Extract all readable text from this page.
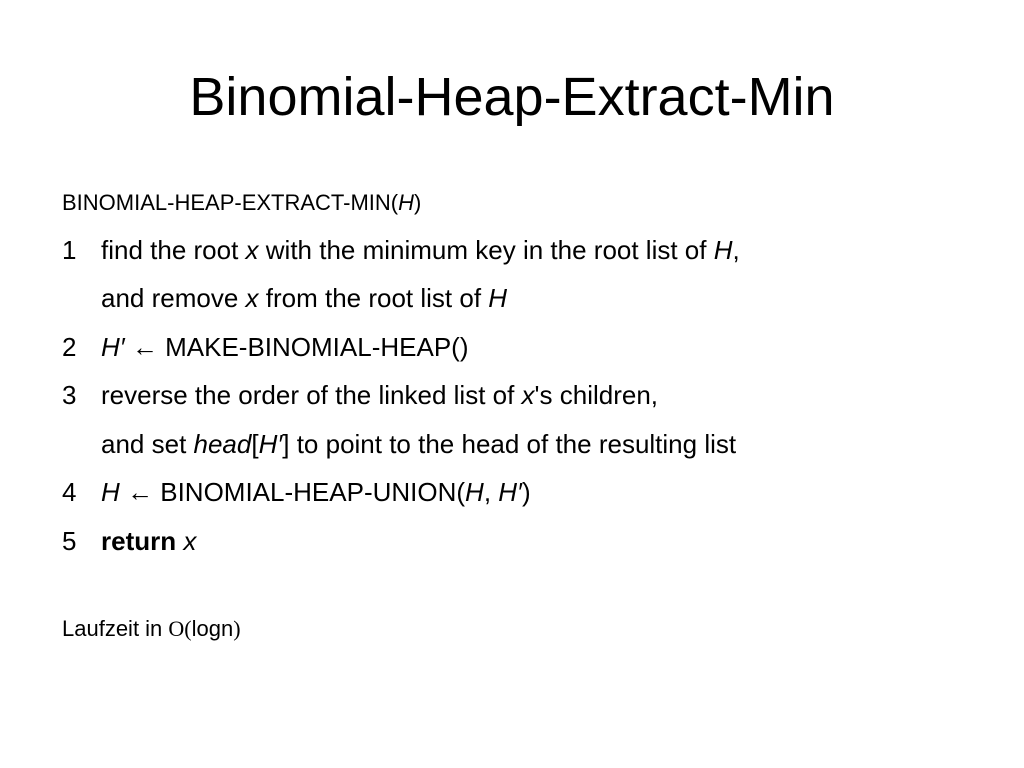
Binomial-Heap-Extract-Min
BINOMIAL-HEAP-EXTRACT-MIN(H)
1 find the root x with the minimum key in the root list of H,
and remove x from the root list of H
2 H′ ← MAKE-BINOMIAL-HEAP()
3 reverse the order of the linked list of x's children,
and set head[H′] to point to the head of the resulting list
4 H ← BINOMIAL-HEAP-UNION(H, H′)
5 return x
Laufzeit in O(logn)
